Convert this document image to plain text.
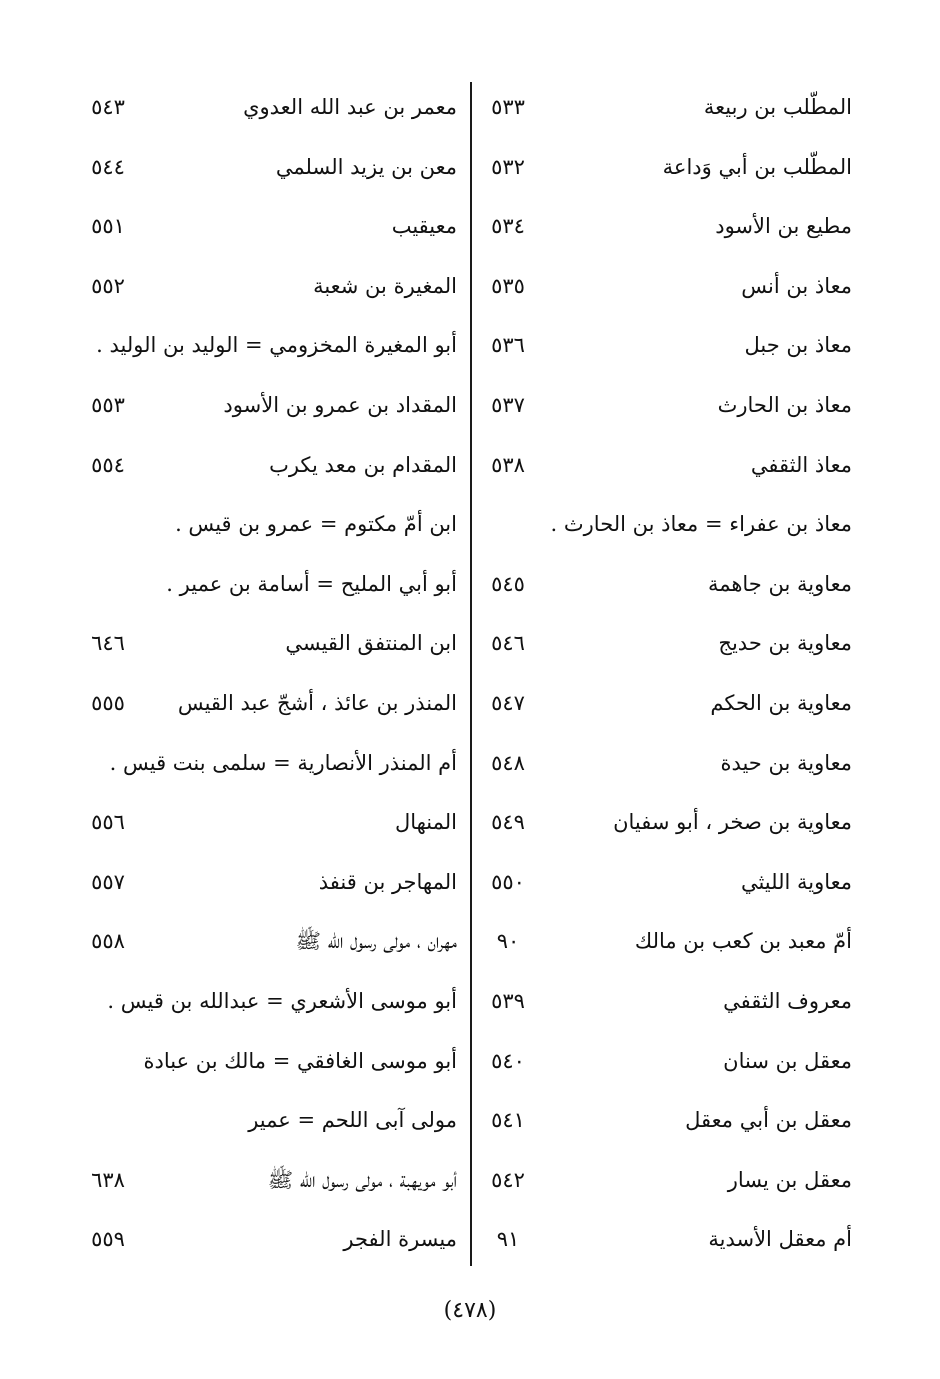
المطّلب بن ربيعة
٥٣٣
المطّلب بن أبي وَداعة
٥٣٢
مطيع بن الأسود
٥٣٤
معاذ بن أنس
٥٣٥
معاذ بن جبل
٥٣٦
معاذ بن الحارث
٥٣٧
معاذ الثقفي
٥٣٨
معاذ بن عفراء = معاذ بن الحارث .
معاوية بن جاهمة
٥٤٥
معاوية بن حديج
٥٤٦
معاوية بن الحكم
٥٤٧
معاوية بن حيدة
٥٤٨
معاوية بن صخر ، أبو سفيان
٥٤٩
معاوية الليثي
٥٥٠
أمّ معبد بن كعب بن مالك
٩٠
معروف الثقفي
٥٣٩
معقل بن سنان
٥٤٠
معقل بن أبي معقل
٥٤١
معقل بن يسار
٥٤٢
أم معقل الأسدية
٩١
معمر بن عبد الله العدوي
٥٤٣
معن بن يزيد السلمي
٥٤٤
معيقيب
٥٥١
المغيرة بن شعبة
٥٥٢
أبو المغيرة المخزومي = الوليد بن الوليد .
المقداد بن عمرو بن الأسود
٥٥٣
المقدام بن معد يكرب
٥٥٤
ابن أمّ مكتوم = عمرو بن قيس .
أبو أبي المليح = أسامة بن عمير .
ابن المنتفق القيسي
٦٤٦
المنذر بن عائذ ، أشجّ عبد القيس
٥٥٥
أم المنذر الأنصارية = سلمى بنت قيس .
المنهال
٥٥٦
المهاجر بن قنفذ
٥٥٧
مهران ، مولى رسول الله ﷺ
٥٥٨
أبو موسى الأشعري = عبدالله بن قيس .
أبو موسى الغافقي = مالك بن عبادة
مولى آبى اللحم = عمير
أبو مويهبة ، مولى رسول الله ﷺ
٦٣٨
ميسرة الفجر
٥٥٩
(٤٧٨)
